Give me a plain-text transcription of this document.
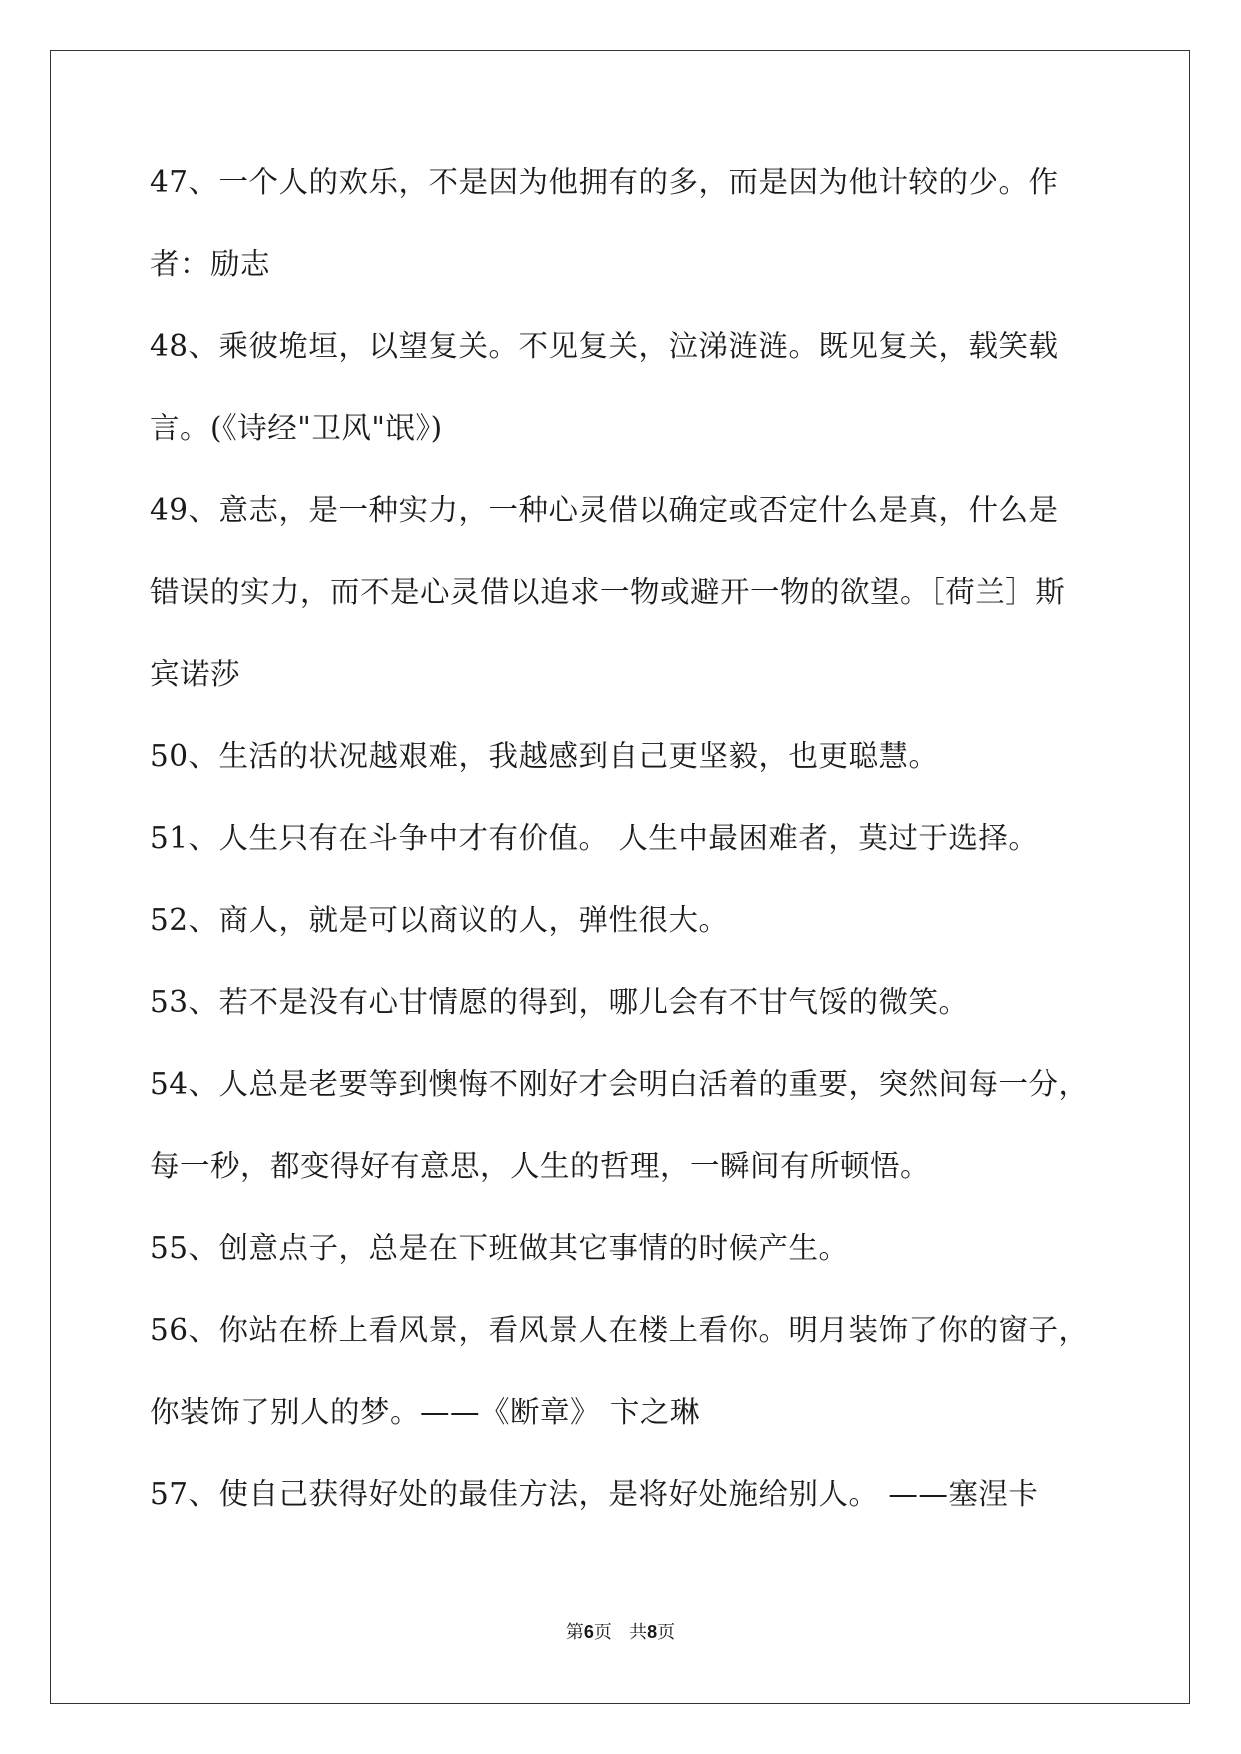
47、一个人的欢乐，不是因为他拥有的多，而是因为他计较的少。作
者：励志
48、乘彼垝垣，以望复关。不见复关，泣涕涟涟。既见复关，载笑载
言。(《诗经"卫风"氓》)
49、意志，是一种实力，一种心灵借以确定或否定什么是真，什么是
错误的实力，而不是心灵借以追求一物或避开一物的欲望。［荷兰］斯
宾诺莎
50、生活的状况越艰难，我越感到自己更坚毅，也更聪慧。
51、人生只有在斗争中才有价值。 人生中最困难者，莫过于选择。
52、商人，就是可以商议的人，弹性很大。
53、若不是没有心甘情愿的得到，哪儿会有不甘气馁的微笑。
54、人总是老要等到懊悔不刚好才会明白活着的重要，突然间每一分，
每一秒，都变得好有意思，人生的哲理，一瞬间有所顿悟。
55、创意点子，总是在下班做其它事情的时候产生。
56、你站在桥上看风景，看风景人在楼上看你。明月装饰了你的窗子，
你装饰了别人的梦。——《断章》 卞之琳
57、使自己获得好处的最佳方法，是将好处施给别人。 ——塞涅卡
第6页 共8页
